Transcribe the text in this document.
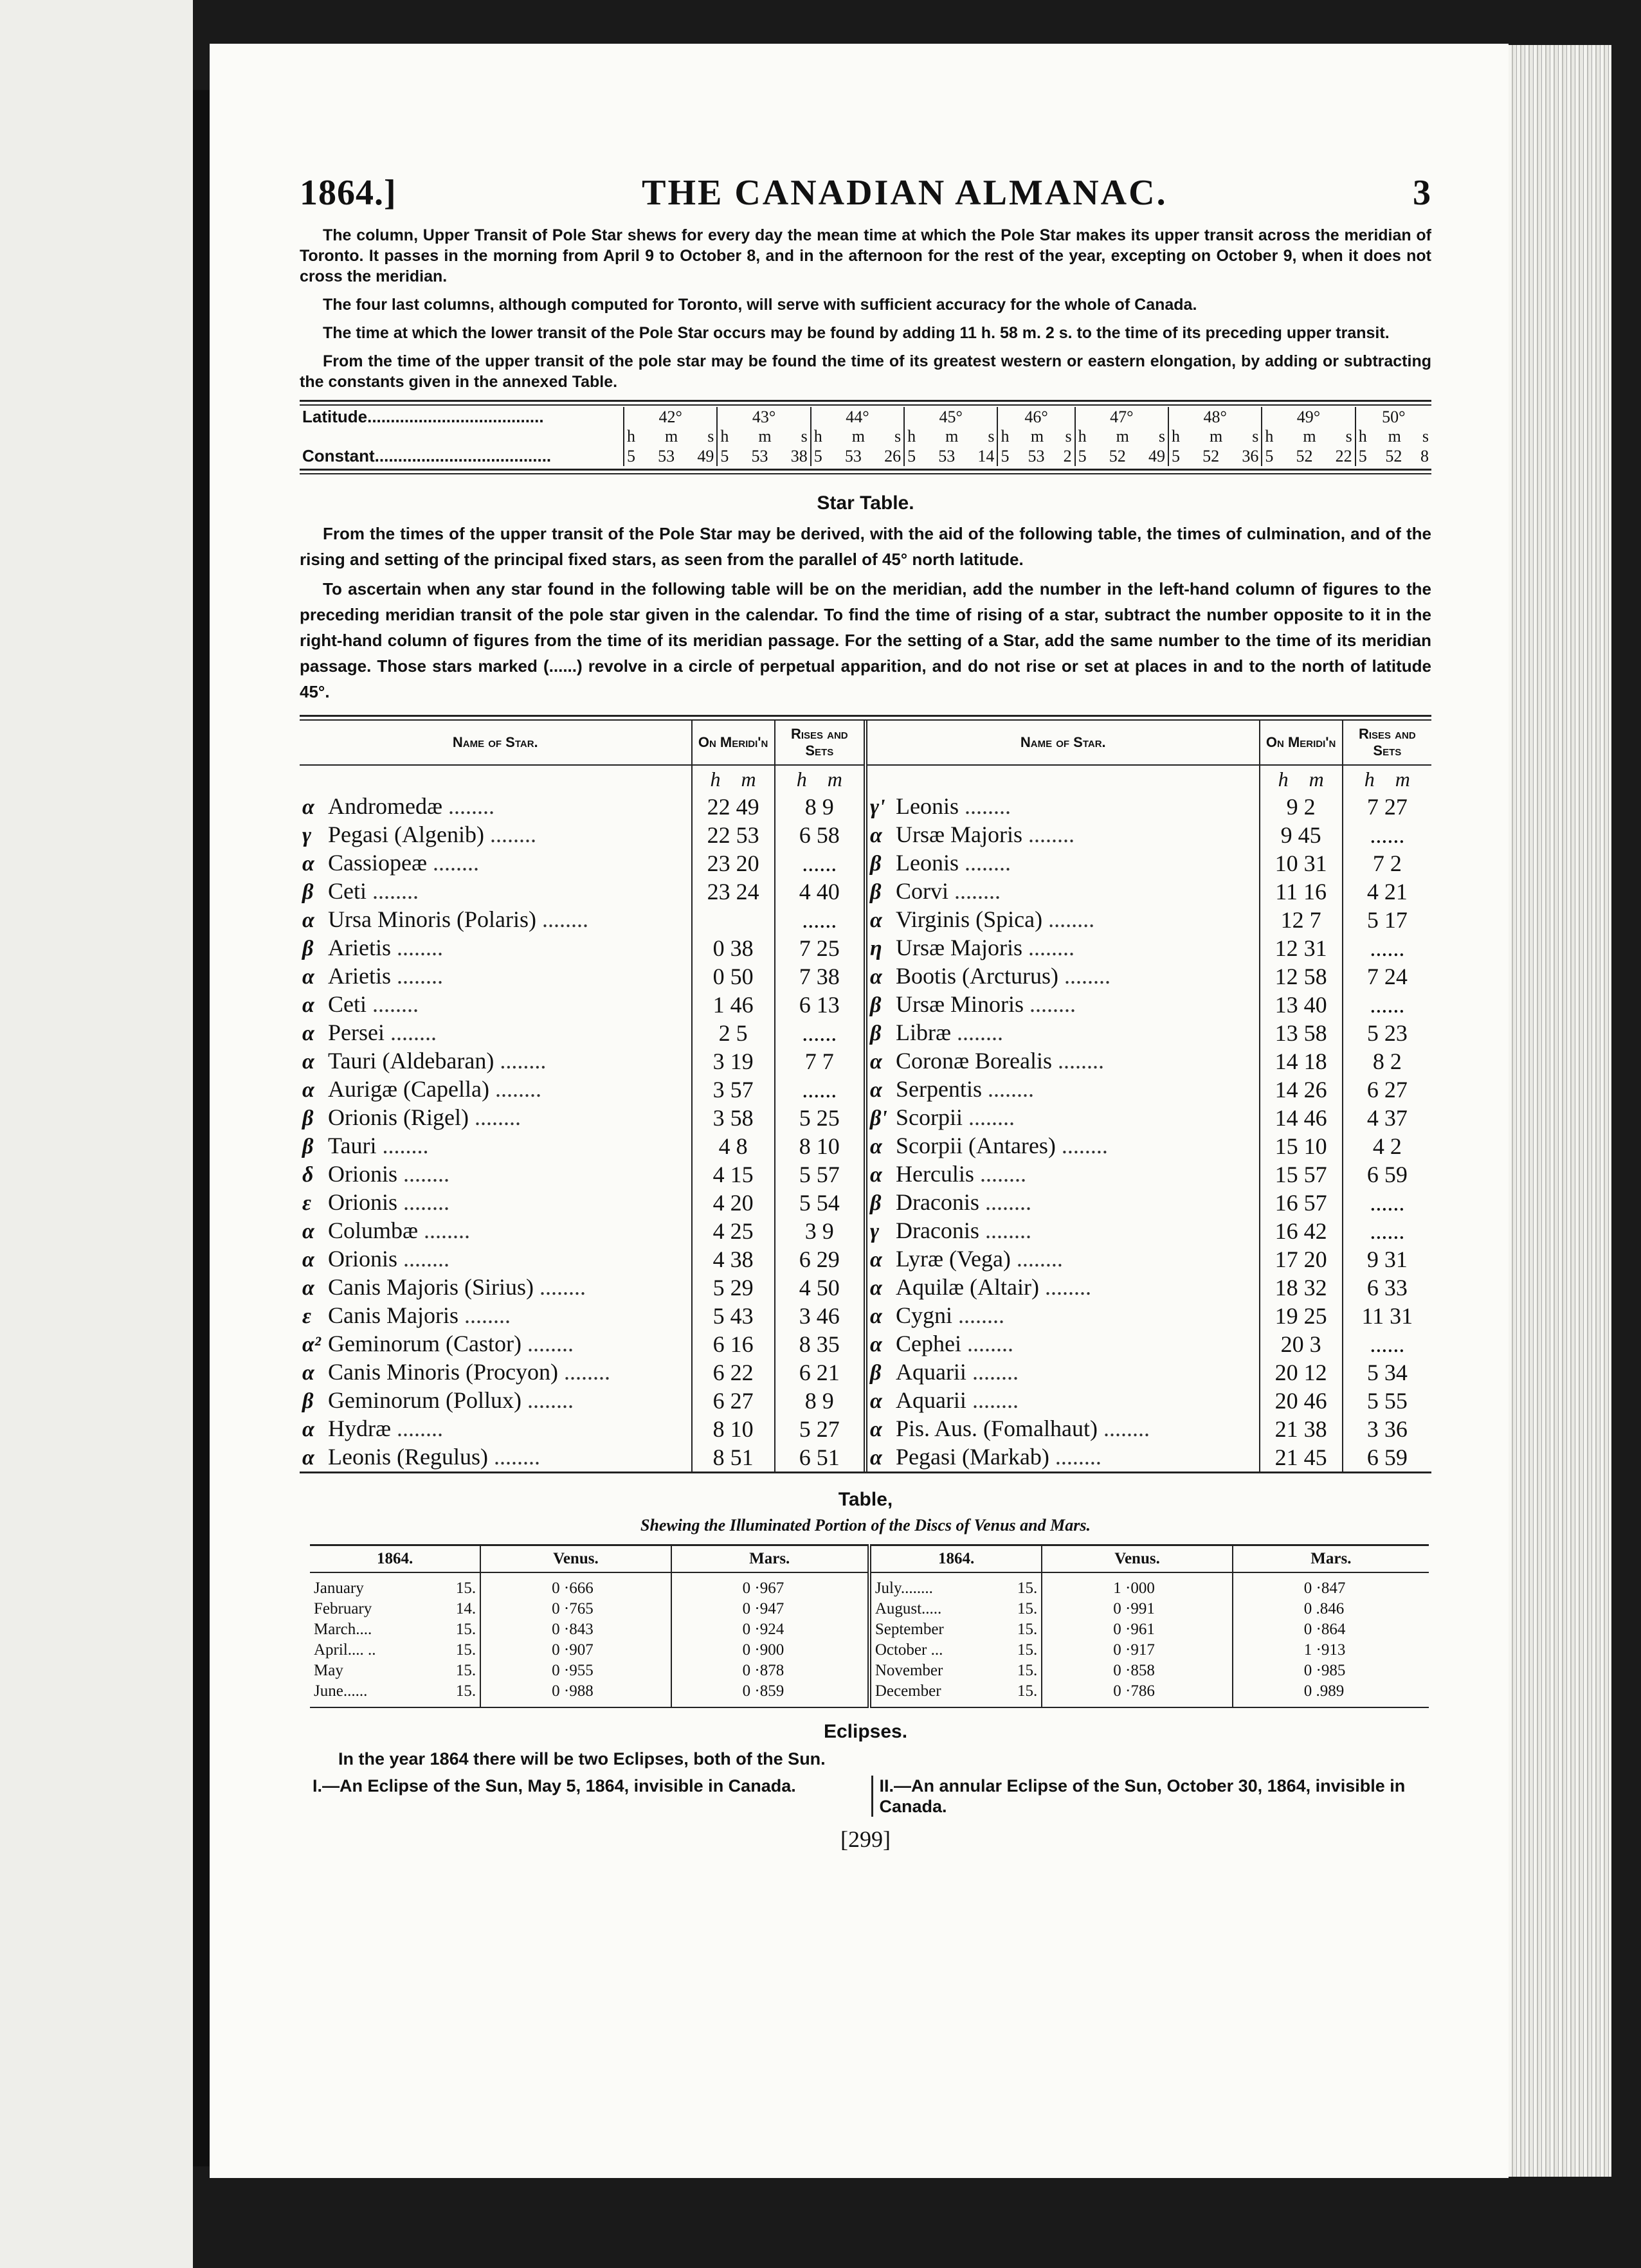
1864.]	THE CANADIAN ALMANAC.	3

The column, Upper Transit of Pole Star shews for every day the mean time at which the Pole Star makes its upper transit across the meridian of Toronto. It passes in the morning from April 9 to October 8, and in the afternoon for the rest of the year, excepting on October 9, when it does not cross the meridian.

The four last columns, although computed for Toronto, will serve with sufficient accuracy for the whole of Canada.

The time at which the lower transit of the Pole Star occurs may be found by adding 11 h. 58 m. 2 s. to the time of its preceding upper transit.

From the time of the upper transit of the pole star may be found the time of its greatest western or eastern elongation, by adding or subtracting the constants given in the annexed Table.

Latitude......................................	42°	43°	44°	45°	46°	47°	48°	49°	50°

	h m s	h m s	h m s	h m s	h m s	h m s	h m s	h m s	h m s

Constant......................................	5 53 49	5 53 38	5 53 26	5 53 14	5 53 2	5 52 49	5 52 36	5 52 22	5 52 8
Star Table.

From the times of the upper transit of the Pole Star may be derived, with the aid of the following table, the times of culmination, and of the rising and setting of the principal fixed stars, as seen from the parallel of 45° north latitude.

To ascertain when any star found in the following table will be on the meridian, add the number in the left-hand column of figures to the preceding meridian transit of the pole star given in the calendar. To find the time of rising of a star, subtract the number opposite to it in the right-hand column of figures from the time of its meridian passage. For the setting of a Star, add the same number to the time of its meridian passage. Those stars marked (......) revolve in a circle of perpetual apparition, and do not rise or set at places in and to the north of latitude 45°.

Name of Star.	On Meridi'n	Rises and Sets	Name of Star.	On Meridi'n	Rises and Sets
	h  m	h  m		h  m	h  m
α Andromedæ ........	22 49	8 9	γ' Leonis ........	9 2	7 27
γ Pegasi (Algenib) ........	22 53	6 58	α Ursæ Majoris ........	9 45	......
α Cassiopeæ ........	23 20	......	β Leonis ........	10 31	7 2
β Ceti ........	23 24	4 40	β Corvi ........	11 16	4 21
α Ursa Minoris (Polaris) ........		......	α Virginis (Spica) ........	12 7	5 17
β Arietis ........	0 38	7 25	η Ursæ Majoris ........	12 31	......
α Arietis ........	0 50	7 38	α Bootis (Arcturus) ........	12 58	7 24
α Ceti ........	1 46	6 13	β Ursæ Minoris ........	13 40	......
α Persei ........	2 5	......	β Libræ ........	13 58	5 23
α Tauri (Aldebaran) ........	3 19	7 7	α Coronæ Borealis ........	14 18	8 2
α Aurigæ (Capella) ........	3 57	......	α Serpentis ........	14 26	6 27
β Orionis (Rigel) ........	3 58	5 25	β' Scorpii ........	14 46	4 37
β Tauri ........	4 8	8 10	α Scorpii (Antares) ........	15 10	4 2
δ Orionis ........	4 15	5 57	α Herculis ........	15 57	6 59
ε Orionis ........	4 20	5 54	β Draconis ........	16 57	......
α Columbæ ........	4 25	3 9	γ Draconis ........	16 42	......
α Orionis ........	4 38	6 29	α Lyræ (Vega) ........	17 20	9 31
α Canis Majoris (Sirius) ........	5 29	4 50	α Aquilæ (Altair) ........	18 32	6 33
ε Canis Majoris ........	5 43	3 46	α Cygni ........	19 25	11 31
α² Geminorum (Castor) ........	6 16	8 35	α Cephei ........	20 3	......
α Canis Minoris (Procyon) ........	6 22	6 21	β Aquarii ........	20 12	5 34
β Geminorum (Pollux) ........	6 27	8 9	α Aquarii ........	20 46	5 55
α Hydræ ........	8 10	5 27	α Pis. Aus. (Fomalhaut) ........	21 38	3 36
α Leonis (Regulus) ........	8 51	6 51	α Pegasi (Markab) ........	21 45	6 59
Table,
Shewing the Illuminated Portion of the Discs of Venus and Mars.
1864.	Venus.	Mars.	1864.	Venus.	Mars.

January 15.	0 ·666	0 ·967	July........ 15.	1 ·000	0 ·847

February 14.	0 ·765	0 ·947	August..... 15.	0 ·991	0 .846

March.... 15.	0 ·843	0 ·924	September 15.	0 ·961	0 ·864

April.... .. 15.	0 ·907	0 ·900	October ... 15.	0 ·917	1 ·913

May 15.	0 ·955	0 ·878	November 15.	0 ·858	0 ·985

June...... 15.	0 ·988	0 ·859	December 15.	0 ·786	0 .989
Eclipses.
In the year 1864 there will be two Eclipses, both of the Sun.
I.—An Eclipse of the Sun, May 5, 1864, invisible in Canada.	II.—An annular Eclipse of the Sun, October 30, 1864, invisible in Canada.
[299]
